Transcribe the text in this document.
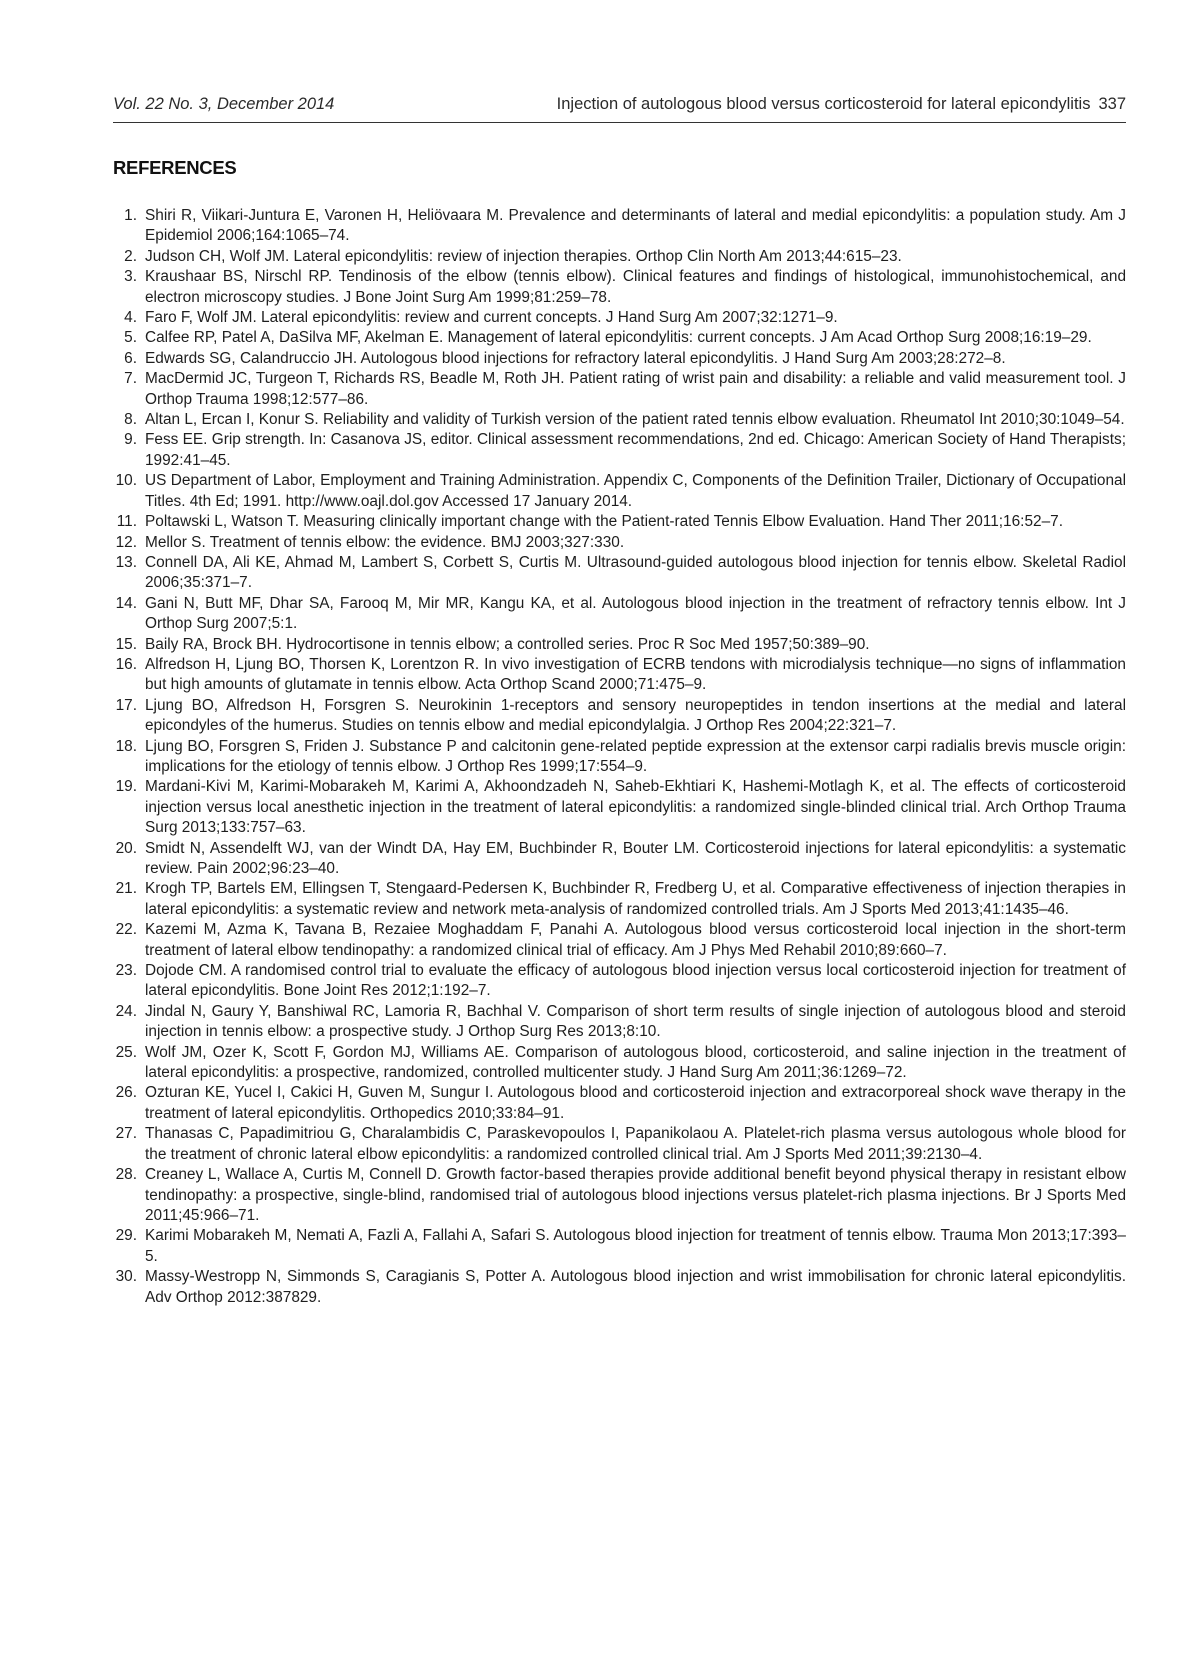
Vol. 22 No. 3, December 2014	Injection of autologous blood versus corticosteroid for lateral epicondylitis 337
REFERENCES
1. Shiri R, Viikari-Juntura E, Varonen H, Heliövaara M. Prevalence and determinants of lateral and medial epicondylitis: a population study. Am J Epidemiol 2006;164:1065–74.
2. Judson CH, Wolf JM. Lateral epicondylitis: review of injection therapies. Orthop Clin North Am 2013;44:615–23.
3. Kraushaar BS, Nirschl RP. Tendinosis of the elbow (tennis elbow). Clinical features and findings of histological, immunohistochemical, and electron microscopy studies. J Bone Joint Surg Am 1999;81:259–78.
4. Faro F, Wolf JM. Lateral epicondylitis: review and current concepts. J Hand Surg Am 2007;32:1271–9.
5. Calfee RP, Patel A, DaSilva MF, Akelman E. Management of lateral epicondylitis: current concepts. J Am Acad Orthop Surg 2008;16:19–29.
6. Edwards SG, Calandruccio JH. Autologous blood injections for refractory lateral epicondylitis. J Hand Surg Am 2003;28:272–8.
7. MacDermid JC, Turgeon T, Richards RS, Beadle M, Roth JH. Patient rating of wrist pain and disability: a reliable and valid measurement tool. J Orthop Trauma 1998;12:577–86.
8. Altan L, Ercan I, Konur S. Reliability and validity of Turkish version of the patient rated tennis elbow evaluation. Rheumatol Int 2010;30:1049–54.
9. Fess EE. Grip strength. In: Casanova JS, editor. Clinical assessment recommendations, 2nd ed. Chicago: American Society of Hand Therapists; 1992:41–45.
10. US Department of Labor, Employment and Training Administration. Appendix C, Components of the Definition Trailer, Dictionary of Occupational Titles. 4th Ed; 1991. http://www.oajl.dol.gov Accessed 17 January 2014.
11. Poltawski L, Watson T. Measuring clinically important change with the Patient-rated Tennis Elbow Evaluation. Hand Ther 2011;16:52–7.
12. Mellor S. Treatment of tennis elbow: the evidence. BMJ 2003;327:330.
13. Connell DA, Ali KE, Ahmad M, Lambert S, Corbett S, Curtis M. Ultrasound-guided autologous blood injection for tennis elbow. Skeletal Radiol 2006;35:371–7.
14. Gani N, Butt MF, Dhar SA, Farooq M, Mir MR, Kangu KA, et al. Autologous blood injection in the treatment of refractory tennis elbow. Int J Orthop Surg 2007;5:1.
15. Baily RA, Brock BH. Hydrocortisone in tennis elbow; a controlled series. Proc R Soc Med 1957;50:389–90.
16. Alfredson H, Ljung BO, Thorsen K, Lorentzon R. In vivo investigation of ECRB tendons with microdialysis technique—no signs of inflammation but high amounts of glutamate in tennis elbow. Acta Orthop Scand 2000;71:475–9.
17. Ljung BO, Alfredson H, Forsgren S. Neurokinin 1-receptors and sensory neuropeptides in tendon insertions at the medial and lateral epicondyles of the humerus. Studies on tennis elbow and medial epicondylalgia. J Orthop Res 2004;22:321–7.
18. Ljung BO, Forsgren S, Friden J. Substance P and calcitonin gene-related peptide expression at the extensor carpi radialis brevis muscle origin: implications for the etiology of tennis elbow. J Orthop Res 1999;17:554–9.
19. Mardani-Kivi M, Karimi-Mobarakeh M, Karimi A, Akhoondzadeh N, Saheb-Ekhtiari K, Hashemi-Motlagh K, et al. The effects of corticosteroid injection versus local anesthetic injection in the treatment of lateral epicondylitis: a randomized single-blinded clinical trial. Arch Orthop Trauma Surg 2013;133:757–63.
20. Smidt N, Assendelft WJ, van der Windt DA, Hay EM, Buchbinder R, Bouter LM. Corticosteroid injections for lateral epicondylitis: a systematic review. Pain 2002;96:23–40.
21. Krogh TP, Bartels EM, Ellingsen T, Stengaard-Pedersen K, Buchbinder R, Fredberg U, et al. Comparative effectiveness of injection therapies in lateral epicondylitis: a systematic review and network meta-analysis of randomized controlled trials. Am J Sports Med 2013;41:1435–46.
22. Kazemi M, Azma K, Tavana B, Rezaiee Moghaddam F, Panahi A. Autologous blood versus corticosteroid local injection in the short-term treatment of lateral elbow tendinopathy: a randomized clinical trial of efficacy. Am J Phys Med Rehabil 2010;89:660–7.
23. Dojode CM. A randomised control trial to evaluate the efficacy of autologous blood injection versus local corticosteroid injection for treatment of lateral epicondylitis. Bone Joint Res 2012;1:192–7.
24. Jindal N, Gaury Y, Banshiwal RC, Lamoria R, Bachhal V. Comparison of short term results of single injection of autologous blood and steroid injection in tennis elbow: a prospective study. J Orthop Surg Res 2013;8:10.
25. Wolf JM, Ozer K, Scott F, Gordon MJ, Williams AE. Comparison of autologous blood, corticosteroid, and saline injection in the treatment of lateral epicondylitis: a prospective, randomized, controlled multicenter study. J Hand Surg Am 2011;36:1269–72.
26. Ozturan KE, Yucel I, Cakici H, Guven M, Sungur I. Autologous blood and corticosteroid injection and extracorporeal shock wave therapy in the treatment of lateral epicondylitis. Orthopedics 2010;33:84–91.
27. Thanasas C, Papadimitriou G, Charalambidis C, Paraskevopoulos I, Papanikolaou A. Platelet-rich plasma versus autologous whole blood for the treatment of chronic lateral elbow epicondylitis: a randomized controlled clinical trial. Am J Sports Med 2011;39:2130–4.
28. Creaney L, Wallace A, Curtis M, Connell D. Growth factor-based therapies provide additional benefit beyond physical therapy in resistant elbow tendinopathy: a prospective, single-blind, randomised trial of autologous blood injections versus platelet-rich plasma injections. Br J Sports Med 2011;45:966–71.
29. Karimi Mobarakeh M, Nemati A, Fazli A, Fallahi A, Safari S. Autologous blood injection for treatment of tennis elbow. Trauma Mon 2013;17:393–5.
30. Massy-Westropp N, Simmonds S, Caragianis S, Potter A. Autologous blood injection and wrist immobilisation for chronic lateral epicondylitis. Adv Orthop 2012:387829.
